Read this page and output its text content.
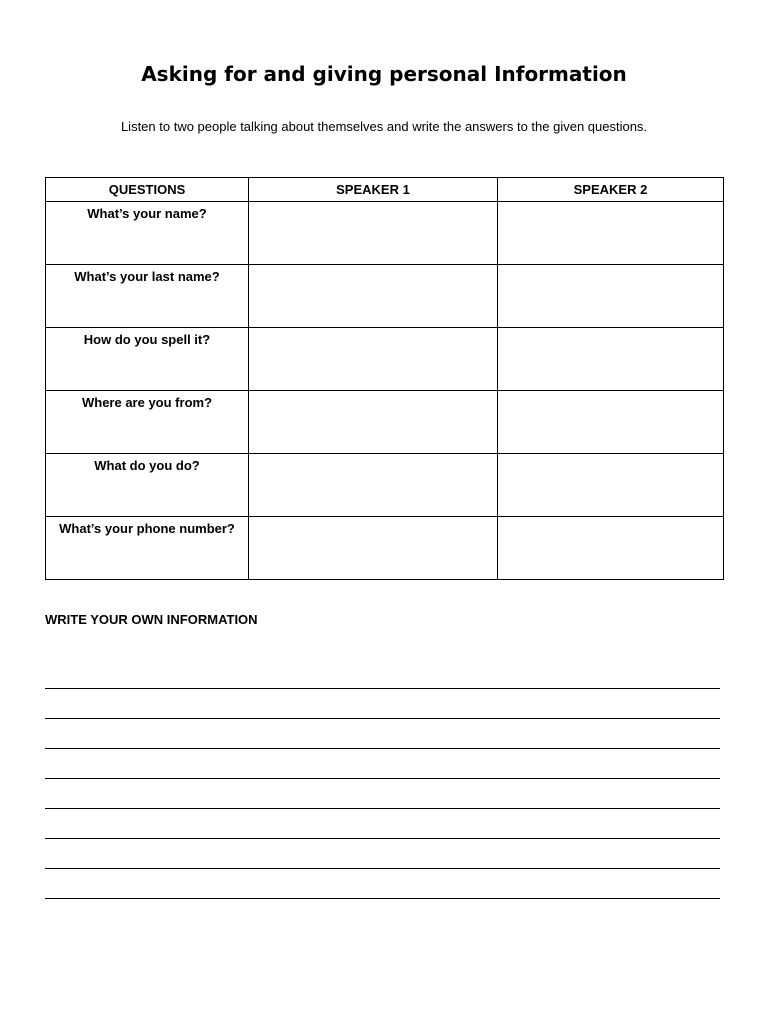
Asking for and giving personal Information

Listen to two people talking about themselves and write the answers to the given questions.

QUESTIONS	SPEAKER 1	SPEAKER 2
What’s your name?		
What’s your last name?		
How do you spell it?		
Where are you from?		
What do you do?		
What’s your phone number?		
WRITE YOUR OWN INFORMATION
